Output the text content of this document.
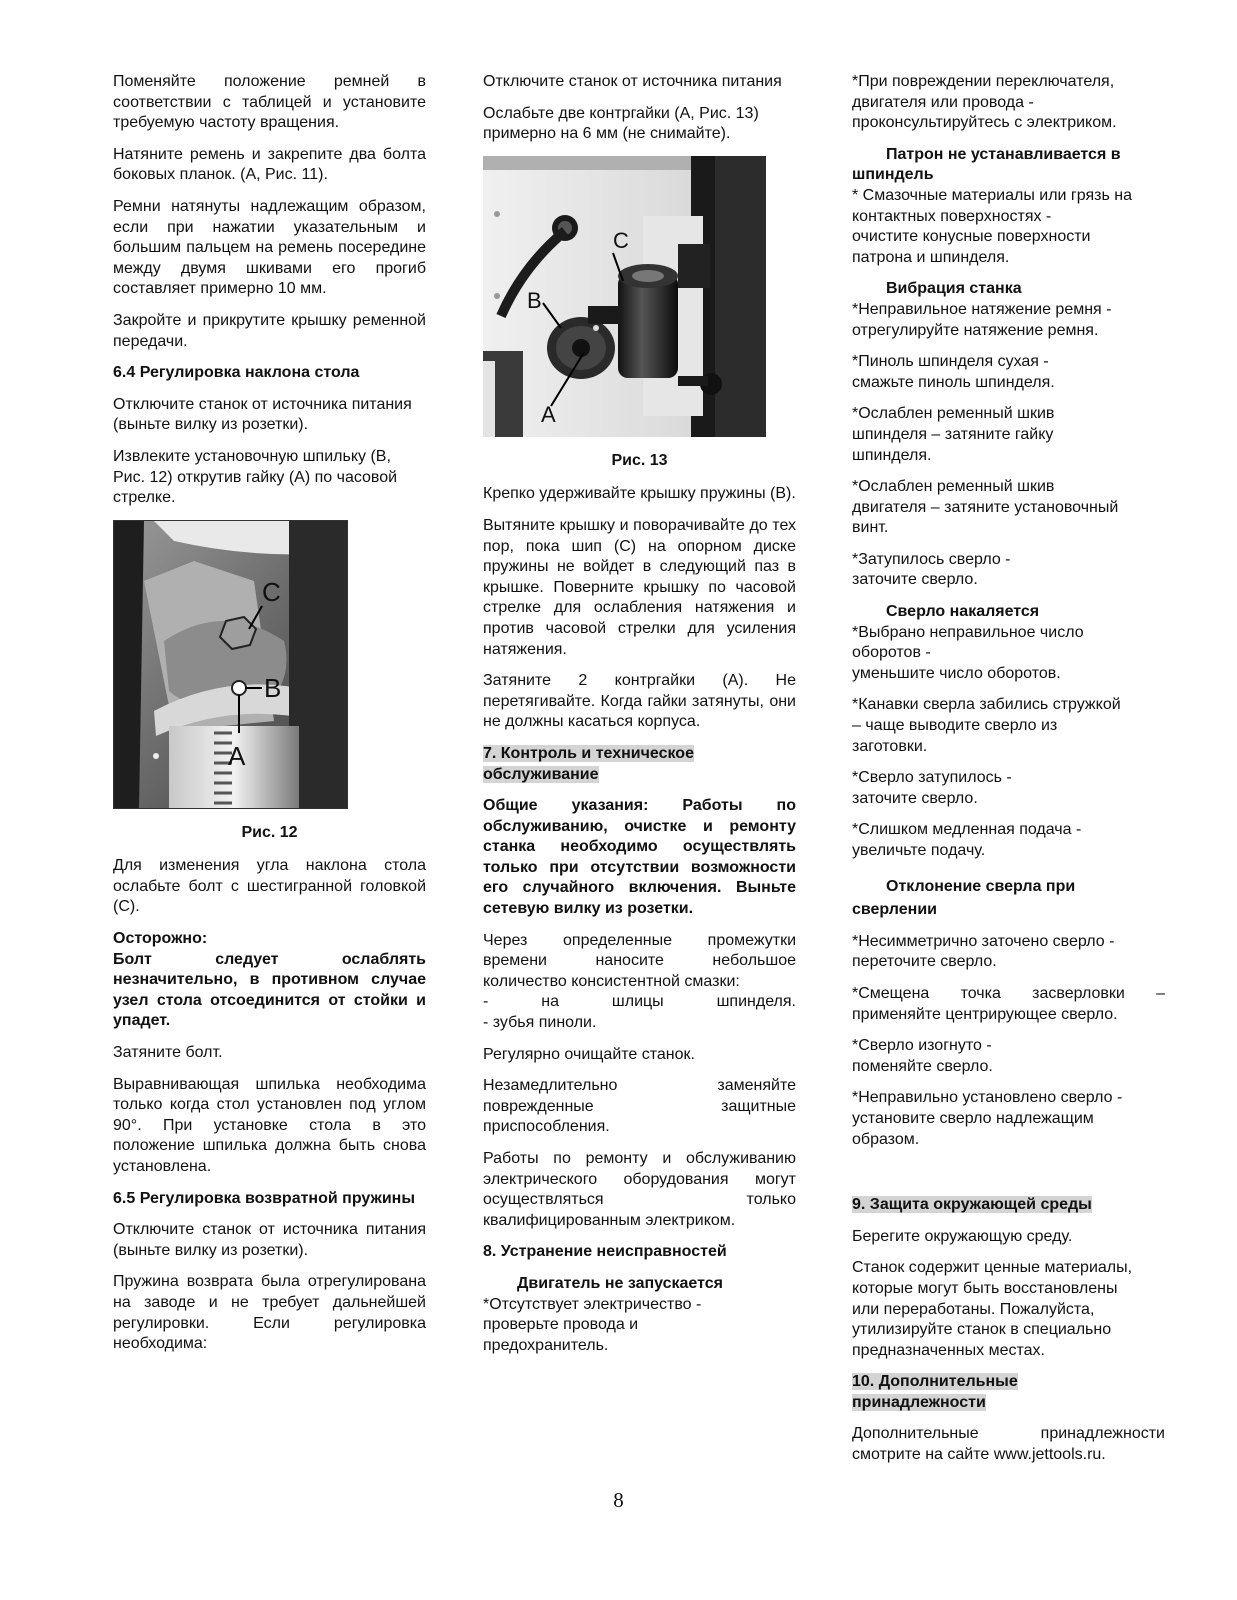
Поменяйте положение ремней в соответствии с таблицей и установите требуемую частоту вращения.

Натяните ремень и закрепите два болта боковых планок. (A, Рис. 11).

Ремни натянуты надлежащим образом, если при нажатии указательным и большим пальцем на ремень посередине между двумя шкивами его прогиб составляет примерно 10 мм.

Закройте и прикрутите крышку ременной передачи.

6.4 Регулировка наклона стола

Отключите станок от источника питания (выньте вилку из розетки).

Извлеките установочную шпильку (B, Рис. 12) открутив гайку (A) по часовой стрелке.

C
B
A

Рис. 12

Для изменения угла наклона стола ослабьте болт с шестигранной головкой (C).

Осторожно:

Болт следует ослаблять незначительно, в противном случае узел стола отсоединится от стойки и упадет.

Затяните болт.

Выравнивающая шпилька необходима только когда стол установлен под углом 90°. При установке стола в это положение шпилька должна быть снова установлена.

6.5 Регулировка возвратной пружины

Отключите станок от источника питания (выньте вилку из розетки).

Пружина возврата была отрегулирована на заводе и не требует дальнейшей регулировки. Если регулировка необходима:

Отключите станок от источника питания

Ослабьте две контргайки (A, Рис. 13) примерно на 6 мм (не снимайте).

C
B
A

Рис. 13

Крепко удерживайте крышку пружины (B).

Вытяните крышку и поворачивайте до тех пор, пока шип (C) на опорном диске пружины не войдет в следующий паз в крышке. Поверните крышку по часовой стрелке для ослабления натяжения и против часовой стрелки для усиления натяжения.

Затяните 2 контргайки (A). Не перетягивайте. Когда гайки затянуты, они не должны касаться корпуса.

7. Контроль и техническое
обслуживание

Общие указания: Работы по обслуживанию, очистке и ремонту станка необходимо осуществлять только при отсутствии возможности его случайного включения. Выньте сетевую вилку из розетки.

Через определенные промежутки времени наносите небольшое количество консистентной смазки:

- на шлицы шпинделя.

- зубья пиноли.

Регулярно очищайте станок.

Незамедлительно заменяйте поврежденные защитные приспособления.

Работы по ремонту и обслуживанию электрического оборудования могут осуществляться только квалифицированным электриком.

8. Устранение неисправностей

Двигатель не запускается

*Отсутствует электричество -

проверьте провода и

предохранитель.

*При повреждении переключателя,
двигателя или провода -
проконсультируйтесь с электриком.

Патрон не устанавливается в

шпиндель

* Смазочные материалы или грязь на
контактных поверхностях -
очистите конусные поверхности
патрона и шпинделя.

Вибрация станка

*Неправильное натяжение ремня -
отрегулируйте натяжение ремня.
*Пиноль шпинделя сухая -
смажьте пиноль шпинделя.
*Ослаблен ременный шкив
шпинделя – затяните гайку
шпинделя.
*Ослаблен ременный шкив
двигателя – затяните установочный
винт.
*Затупилось сверло -
заточите сверло.

Сверло накаляется

*Выбрано неправильное число
оборотов -
уменьшите число оборотов.
*Канавки сверла забились стружкой
– чаще выводите сверло из
заготовки.
*Сверло затупилось -
заточите сверло.
*Слишком медленная подача -
увеличьте подачу.

Отклонение сверла при

сверлении

*Несимметрично заточено сверло -
переточите сверло.

*Смещена точка засверловки – применяйте центрирующее сверло.

*Сверло изогнуто -
поменяйте сверло.
*Неправильно установлено сверло -
установите сверло надлежащим
образом.

9. Защита окружающей среды

Берегите окружающую среду.

Станок содержит ценные материалы,
которые могут быть восстановлены
или переработаны. Пожалуйста,
утилизируйте станок в специально
предназначенных местах.

10. Дополнительные
принадлежности

Дополнительные принадлежности смотрите на сайте www.jettools.ru.

8
